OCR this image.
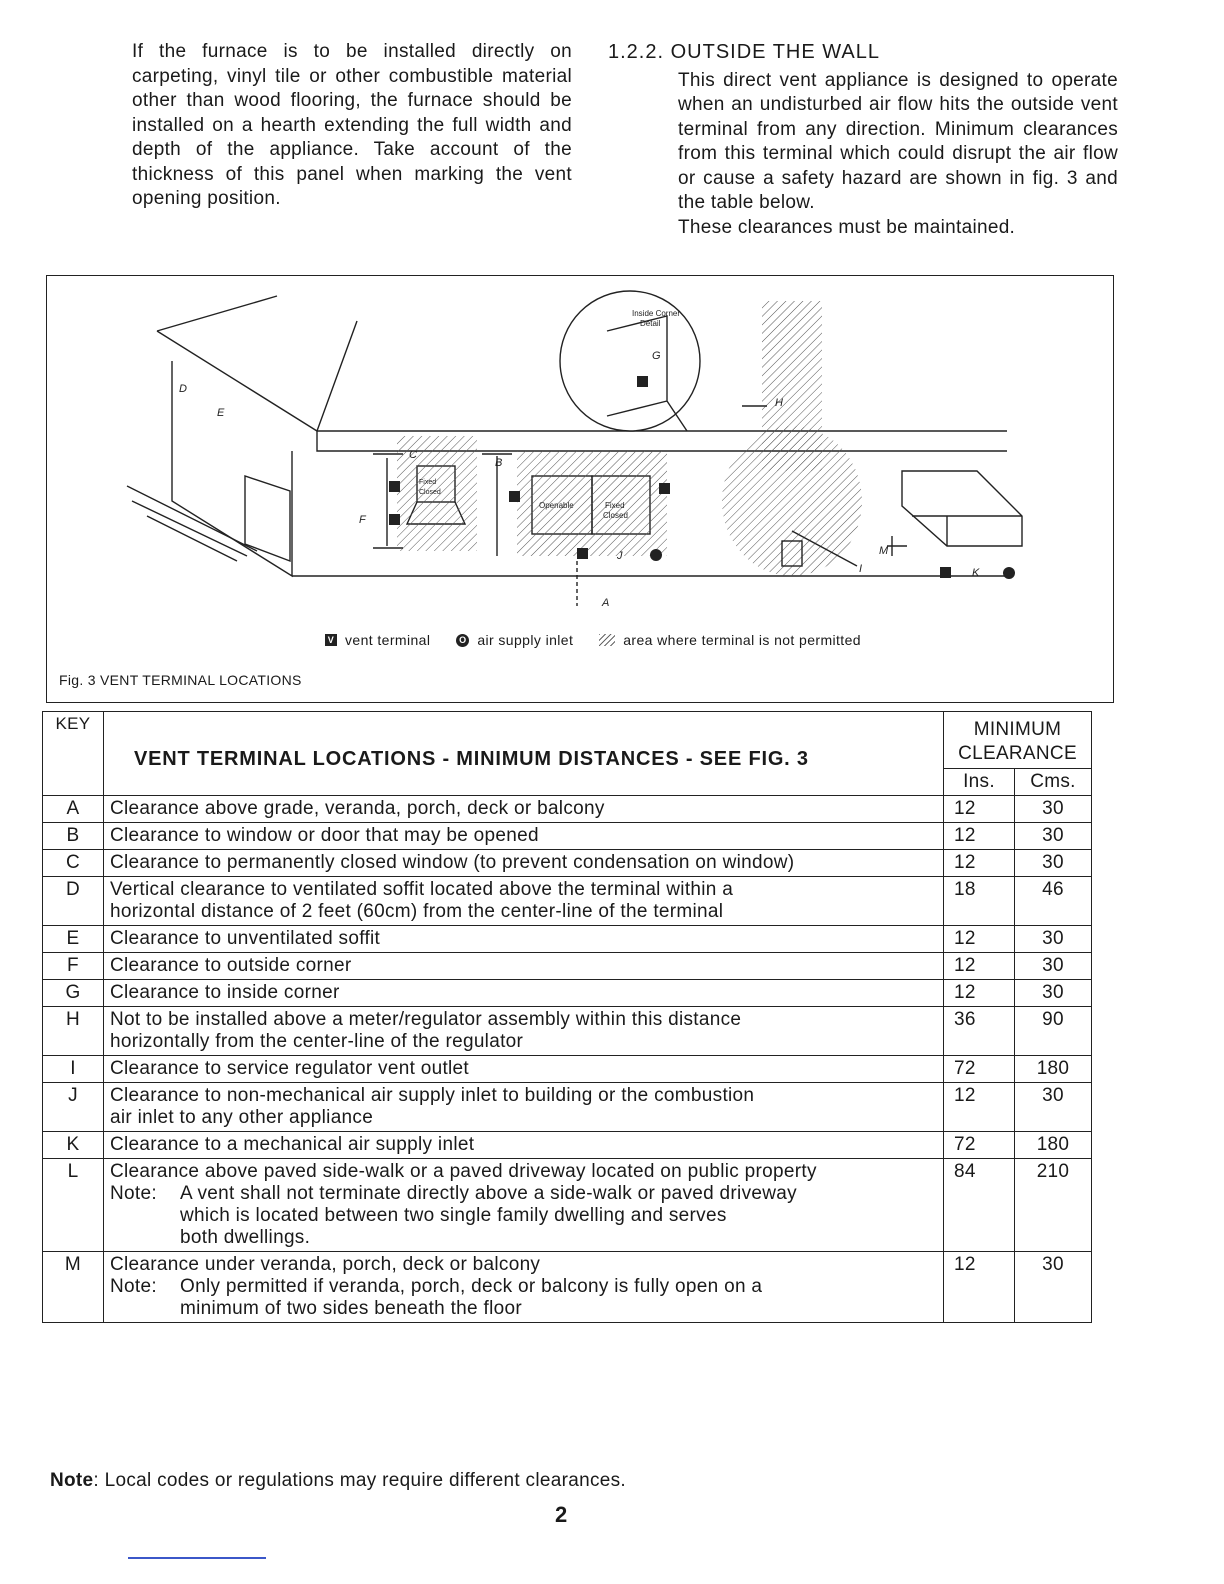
If the furnace is to be installed directly on carpeting, vinyl tile or other combustible material other than wood flooring, the furnace should be installed on a hearth extending the full width and depth of the appliance. Take account of the thickness of this panel when marking the vent opening position.
1.2.2. OUTSIDE THE WALL
This direct vent appliance is designed to operate when an undisturbed air flow hits the outside vent terminal from any direction. Minimum clearances from this terminal which could disrupt the air flow or cause a safety hazard are shown in fig. 3 and the table below.
These clearances must be maintained.
Inside Corner
Detail
Openable	Fixed
Closed
Fixed
Closed
A
B
C
D
E
F
G
H
I
J
K
M
V vent terminal	O air supply inlet	area where terminal is not permitted
Fig. 3 VENT TERMINAL LOCATIONS
KEY	VENT TERMINAL LOCATIONS - MINIMUM DISTANCES - SEE FIG. 3	MINIMUM
CLEARANCE	

		Ins.	Cms.
A	Clearance above grade, veranda, porch, deck or balcony	12	30
B	Clearance to window or door that may be opened	12	30
C	Clearance to permanently closed window (to prevent condensation on window)	12	30
D	Vertical clearance to ventilated soffit located above the terminal within a
horizontal distance of 2 feet (60cm) from the center-line of the terminal	18	46
E	Clearance to unventilated soffit	12	30
F	Clearance to outside corner	12	30
G	Clearance to inside corner	12	30
H	Not to be installed above a meter/regulator assembly within this distance
horizontally from the center-line of the regulator	36	90
I	Clearance to service regulator vent outlet	72	180
J	Clearance to non-mechanical air supply inlet to building or the combustion
air inlet to any other appliance	12	30
K	Clearance to a mechanical air supply inlet	72	180
L	Clearance above paved side-walk or a paved driveway located on public property
Note: A vent shall not terminate directly above a side-walk or paved driveway
which is located between two single family dwelling and serves
both dwellings.	84	210
M	Clearance under veranda, porch, deck or balcony
Note: Only permitted if veranda, porch, deck or balcony is fully open on a
minimum of two sides beneath the floor	12	30
Note: Local codes or regulations may require different clearances.
2
